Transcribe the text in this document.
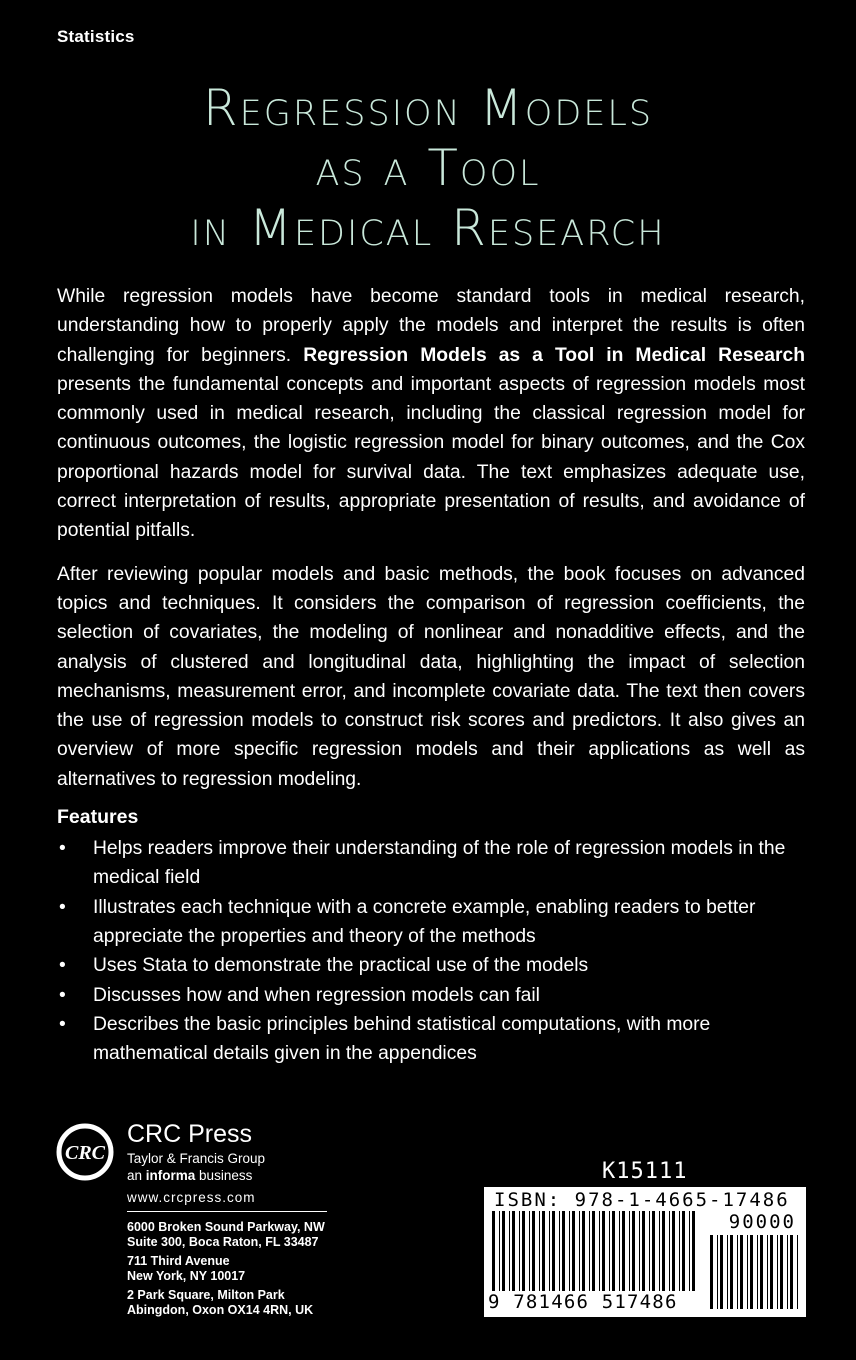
Statistics
Regression Models
as a Tool
in Medical Research

While regression models have become standard tools in medical research, understanding how to properly apply the models and interpret the results is often challenging for beginners. Regression Models as a Tool in Medical Research presents the fundamental concepts and important aspects of regression models most commonly used in medical research, including the classical regression model for continuous outcomes, the logistic regression model for binary outcomes, and the Cox proportional hazards model for survival data. The text emphasizes adequate use, correct interpretation of results, appropriate presentation of results, and avoidance of potential pitfalls.

After reviewing popular models and basic methods, the book focuses on advanced topics and techniques. It considers the comparison of regression coefficients, the selection of covariates, the modeling of nonlinear and nonadditive effects, and the analysis of clustered and longitudinal data, highlighting the impact of selection mechanisms, measurement error, and incomplete covariate data. The text then covers the use of regression models to construct risk scores and predictors. It also gives an overview of more specific regression models and their applications as well as alternatives to regression modeling.

Features
• Helps readers improve their understanding of the role of regression models in the medical field
• Illustrates each technique with a concrete example, enabling readers to better appreciate the properties and theory of the methods
• Uses Stata to demonstrate the practical use of the models
• Discusses how and when regression models can fail
• Describes the basic principles behind statistical computations, with more mathematical details given in the appendices
CRC
CRC Press
Taylor & Francis Group
an informa business
www.crcpress.com
6000 Broken Sound Parkway, NW
Suite 300, Boca Raton, FL 33487
711 Third Avenue
New York, NY 10017
2 Park Square, Milton Park
Abingdon, Oxon OX14 4RN, UK
K15111
ISBN: 978-1-4665-17486
90000
9 781466 517486
